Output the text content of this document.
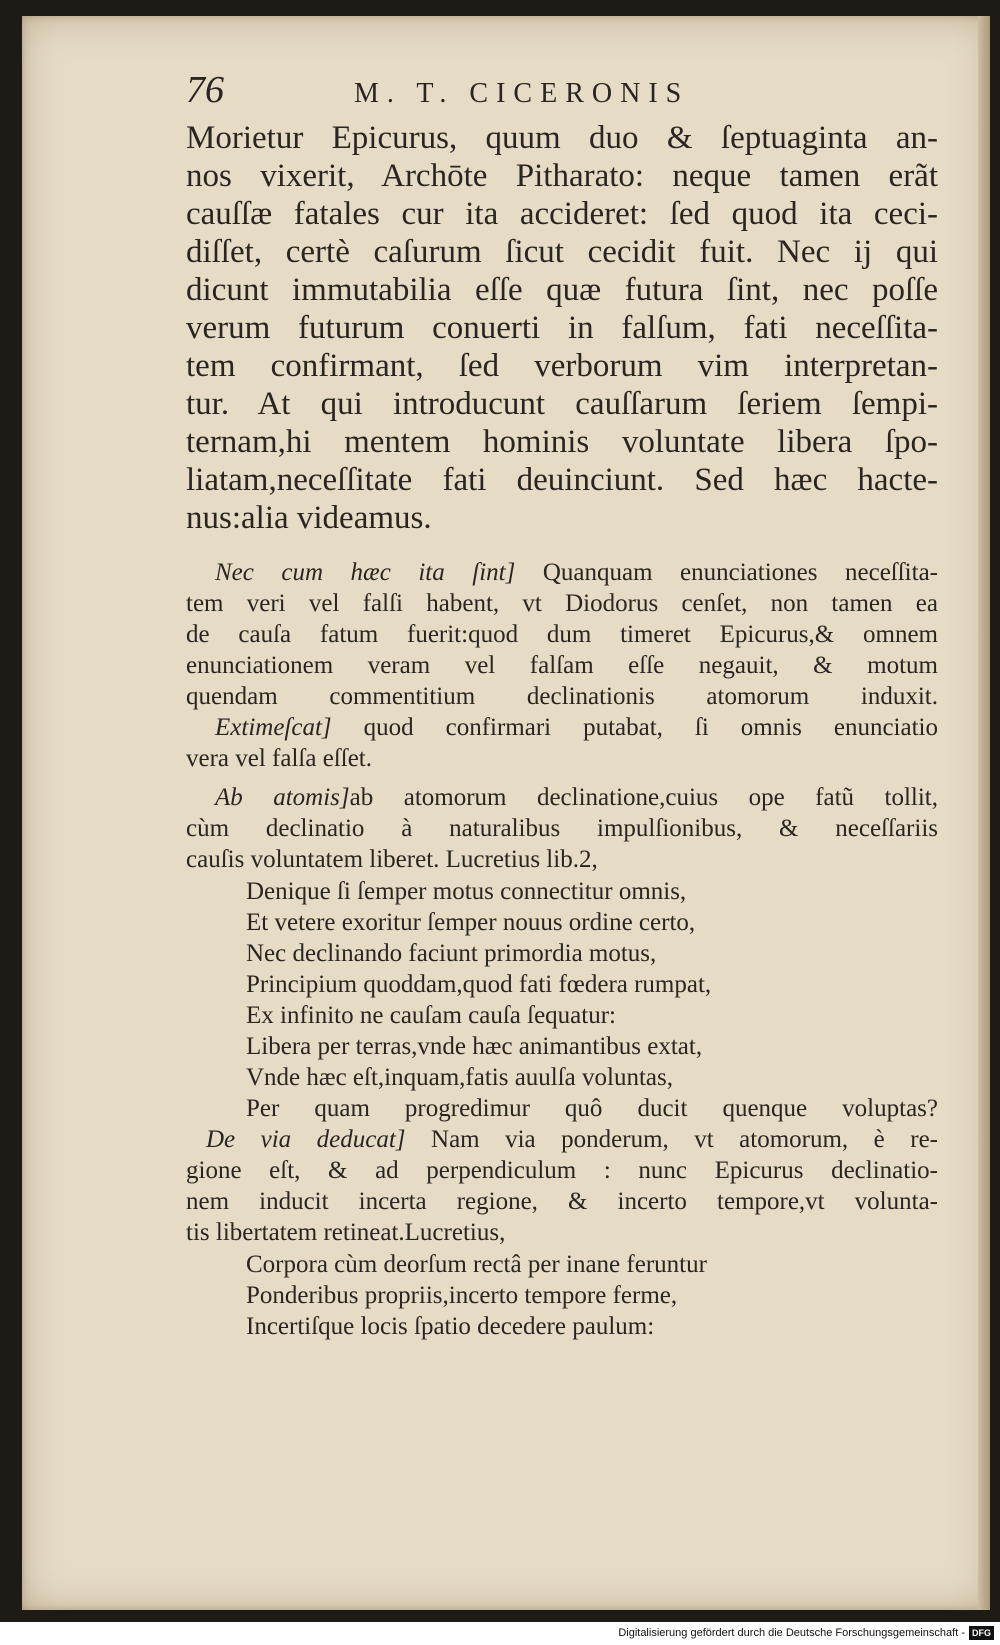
76	M. T. CICERONIS

Morietur Epicurus, quum duo & ſeptuaginta an-

nos vixerit, Archōte Pitharato: neque tamen erãt

cauſſæ fatales cur ita accideret: ſed quod ita ceci-

diſſet, certè caſurum ſicut cecidit fuit. Nec ij qui

dicunt immutabilia eſſe quæ futura ſint, nec poſſe

verum futurum conuerti in falſum, fati neceſſita-

tem confirmant, ſed verborum vim interpretan-

tur. At qui introducunt cauſſarum ſeriem ſempi-

ternam,hi mentem hominis voluntate libera ſpo-

liatam,neceſſitate fati deuinciunt. Sed hæc hacte-

nus:alia videamus.

Nec cum hæc ita ſint] Quanquam enunciationes neceſſita-

tem veri vel falſi habent, vt Diodorus cenſet, non tamen ea

de cauſa fatum fuerit:quod dum timeret Epicurus,& omnem

enunciationem veram vel falſam eſſe negauit, & motum

quendam commentitium declinationis atomorum induxit.

Extimeſcat] quod confirmari putabat, ſi omnis enunciatio

vera vel falſa eſſet.

Ab atomis]ab atomorum declinatione,cuius ope fatũ tollit,

cùm declinatio à naturalibus impulſionibus, & neceſſariis

cauſis voluntatem liberet. Lucretius lib.2,

Denique ſi ſemper motus connectitur omnis,

Et vetere exoritur ſemper nouus ordine certo,

Nec declinando faciunt primordia motus,

Principium quoddam,quod fati fœdera rumpat,

Ex infinito ne cauſam cauſa ſequatur:

Libera per terras,vnde hæc animantibus extat,

Vnde hæc eſt,inquam,fatis auulſa voluntas,

Per quam progredimur quô ducit quenque voluptas?

De via deducat] Nam via ponderum, vt atomorum, è re-

gione eſt, & ad perpendiculum : nunc Epicurus declinatio-

nem inducit incerta regione, & incerto tempore,vt volunta-

tis libertatem retineat.Lucretius,

Corpora cùm deorſum rectâ per inane feruntur

Ponderibus propriis,incerto tempore ferme,

Incertiſque locis ſpatio decedere paulum:

Digitalisierung gefördert durch die Deutsche Forschungsgemeinschaft - DFG
